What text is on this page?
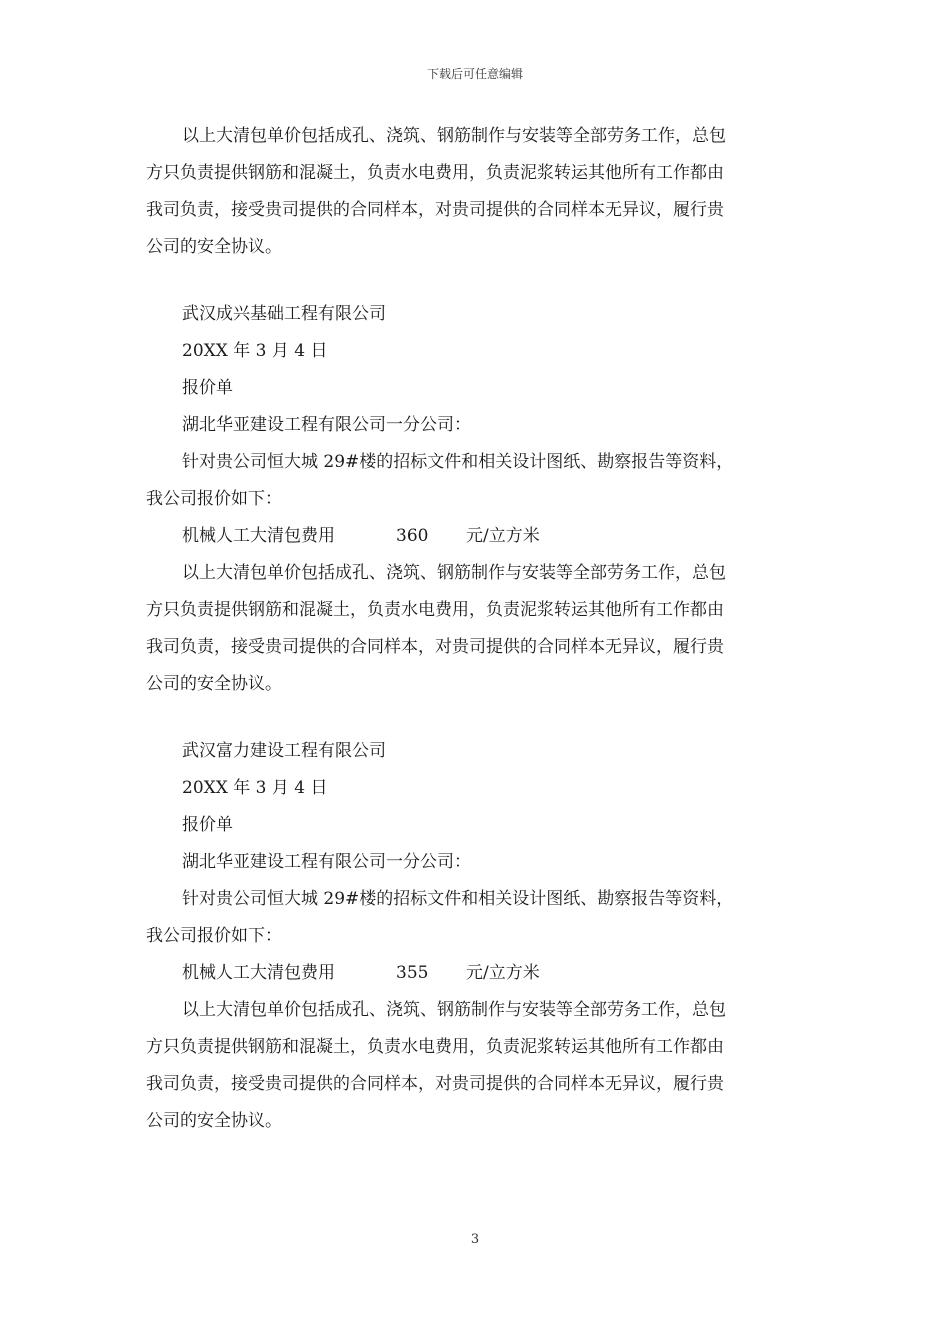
下载后可任意编辑
以上大清包单价包括成孔、浇筑、钢筋制作与安装等全部劳务工作，总包
方只负责提供钢筋和混凝土，负责水电费用，负责泥浆转运其他所有工作都由
我司负责，接受贵司提供的合同样本，对贵司提供的合同样本无异议，履行贵
公司的安全协议。
武汉成兴基础工程有限公司
20XX 年 3 月 4 日
报价单
湖北华亚建设工程有限公司一分公司：
针对贵公司恒大城 29#楼的招标文件和相关设计图纸、勘察报告等资料，
我公司报价如下：
机械人工大清包费用	360	元/立方米
以上大清包单价包括成孔、浇筑、钢筋制作与安装等全部劳务工作，总包
方只负责提供钢筋和混凝土，负责水电费用，负责泥浆转运其他所有工作都由
我司负责，接受贵司提供的合同样本，对贵司提供的合同样本无异议，履行贵
公司的安全协议。
武汉富力建设工程有限公司
20XX 年 3 月 4 日
报价单
湖北华亚建设工程有限公司一分公司：
针对贵公司恒大城 29#楼的招标文件和相关设计图纸、勘察报告等资料，
我公司报价如下：
机械人工大清包费用	355	元/立方米
以上大清包单价包括成孔、浇筑、钢筋制作与安装等全部劳务工作，总包
方只负责提供钢筋和混凝土，负责水电费用，负责泥浆转运其他所有工作都由
我司负责，接受贵司提供的合同样本，对贵司提供的合同样本无异议，履行贵
公司的安全协议。
3
